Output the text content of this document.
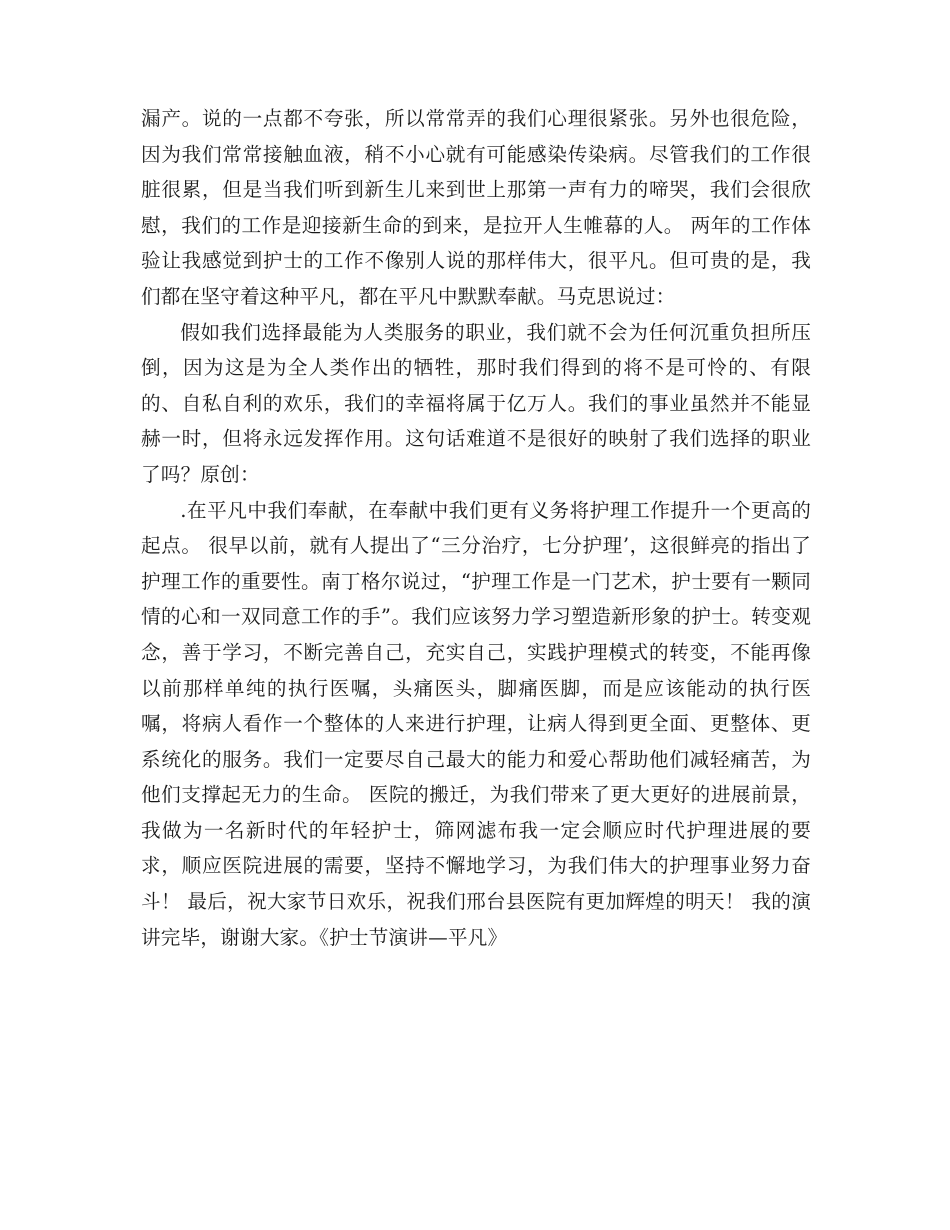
漏产。说的一点都不夸张，所以常常弄的我们心理很紧张。另外也很危险，因为我们常常接触血液，稍不小心就有可能感染传染病。尽管我们的工作很脏很累，但是当我们听到新生儿来到世上那第一声有力的啼哭，我们会很欣慰，我们的工作是迎接新生命的到来，是拉开人生帷幕的人。 两年的工作体验让我感觉到护士的工作不像别人说的那样伟大，很平凡。但可贵的是，我们都在坚守着这种平凡，都在平凡中默默奉献。马克思说过：

假如我们选择最能为人类服务的职业，我们就不会为任何沉重负担所压倒，因为这是为全人类作出的牺牲，那时我们得到的将不是可怜的、有限的、自私自利的欢乐，我们的幸福将属于亿万人。我们的事业虽然并不能显赫一时，但将永远发挥作用。这句话难道不是很好的映射了我们选择的职业了吗？原创：

.在平凡中我们奉献，在奉献中我们更有义务将护理工作提升一个更高的起点。 很早以前，就有人提出了“三分治疗，七分护理’，这很鲜亮的指出了护理工作的重要性。南丁格尔说过，“护理工作是一门艺术，护士要有一颗同情的心和一双同意工作的手”。我们应该努力学习塑造新形象的护士。转变观念，善于学习，不断完善自己，充实自己，实践护理模式的转变，不能再像以前那样单纯的执行医嘱，头痛医头，脚痛医脚，而是应该能动的执行医嘱，将病人看作一个整体的人来进行护理，让病人得到更全面、更整体、更系统化的服务。我们一定要尽自己最大的能力和爱心帮助他们减轻痛苦，为他们支撑起无力的生命。 医院的搬迁，为我们带来了更大更好的进展前景，我做为一名新时代的年轻护士，筛网滤布我一定会顺应时代护理进展的要求，顺应医院进展的需要，坚持不懈地学习，为我们伟大的护理事业努力奋斗！ 最后，祝大家节日欢乐，祝我们邢台县医院有更加辉煌的明天！ 我的演讲完毕，谢谢大家。《护士节演讲—平凡》
